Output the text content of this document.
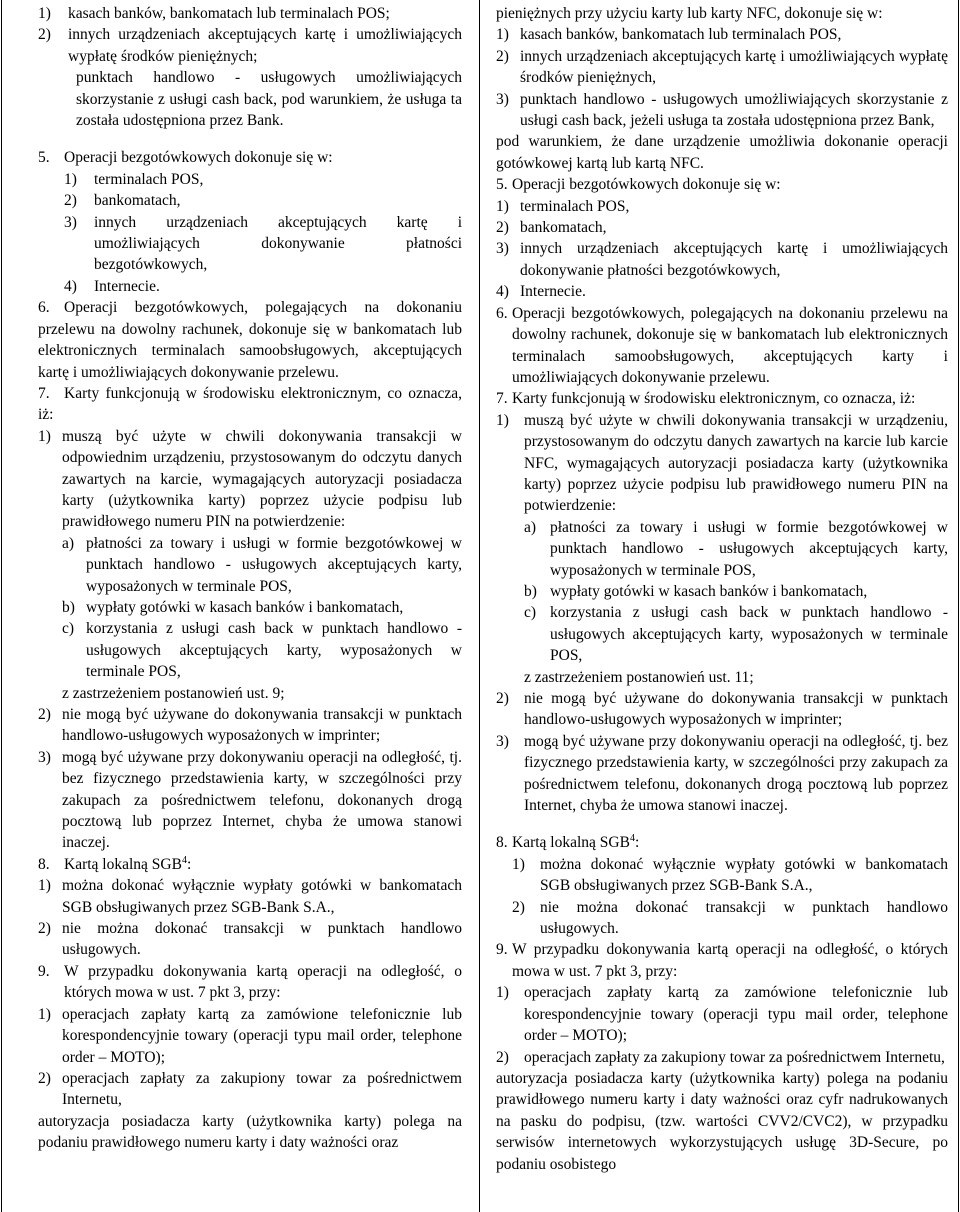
1) kasach banków, bankomatach lub terminalach POS;
2) innych urządzeniach akceptujących kartę i umożliwiających wypłatę środków pieniężnych;
punktach handlowo - usługowych umożliwiających skorzystanie z usługi cash back, pod warunkiem, że usługa ta została udostępniona przez Bank.
5. Operacji bezgotówkowych dokonuje się w:
1) terminalach POS,
2) bankomatach,
3) innych urządzeniach akceptujących kartę i umożliwiających dokonywanie płatności bezgotówkowych,
4) Internecie.
6. Operacji bezgotówkowych, polegających na dokonaniu przelewu na dowolny rachunek, dokonuje się w bankomatach lub elektronicznych terminalach samoobsługowych, akceptujących kartę i umożliwiających dokonywanie przelewu.
7. Karty funkcjonują w środowisku elektronicznym, co oznacza, iż:
1) muszą być użyte w chwili dokonywania transakcji w odpowiednim urządzeniu, przystosowanym do odczytu danych zawartych na karcie, wymagających autoryzacji posiadacza karty (użytkownika karty) poprzez użycie podpisu lub prawidłowego numeru PIN na potwierdzenie:
a) płatności za towary i usługi w formie bezgotówkowej w punktach handlowo - usługowych akceptujących karty, wyposażonych w terminale POS,
b) wypłaty gotówki w kasach banków i bankomatach,
c) korzystania z usługi cash back w punktach handlowo - usługowych akceptujących karty, wyposażonych w terminale POS,
z zastrzeżeniem postanowień ust. 9;
2) nie mogą być używane do dokonywania transakcji w punktach handlowo-usługowych wyposażonych w imprinter;
3) mogą być używane przy dokonywaniu operacji na odległość, tj. bez fizycznego przedstawienia karty, w szczególności przy zakupach za pośrednictwem telefonu, dokonanych drogą pocztową lub poprzez Internet, chyba że umowa stanowi inaczej.
8. Kartą lokalną SGB$^4$:
1) można dokonać wyłącznie wypłaty gotówki w bankomatach SGB obsługiwanych przez SGB-Bank S.A.,
2) nie można dokonać transakcji w punktach handlowo usługowych.
9. W przypadku dokonywania kartą operacji na odległość, o których mowa w ust. 7 pkt 3, przy:
1) operacjach zapłaty kartą za zamówione telefonicznie lub korespondencyjnie towary (operacji typu mail order, telephone order – MOTO);
2) operacjach zapłaty za zakupiony towar za pośrednictwem Internetu,
autoryzacja posiadacza karty (użytkownika karty) polega na podaniu prawidłowego numeru karty i daty ważności oraz
pieniężnych przy użyciu karty lub karty NFC, dokonuje się w:
1) kasach banków, bankomatach lub terminalach POS,
2) innych urządzeniach akceptujących kartę i umożliwiających wypłatę środków pieniężnych,
3) punktach handlowo - usługowych umożliwiających skorzystanie z usługi cash back, jeżeli usługa ta została udostępniona przez Bank,
pod warunkiem, że dane urządzenie umożliwia dokonanie operacji gotówkowej kartą lub kartą NFC.
5. Operacji bezgotówkowych dokonuje się w:
1) terminalach POS,
2) bankomatach,
3) innych urządzeniach akceptujących kartę i umożliwiających dokonywanie płatności bezgotówkowych,
4) Internecie.
6. Operacji bezgotówkowych, polegających na dokonaniu przelewu na dowolny rachunek, dokonuje się w bankomatach lub elektronicznych terminalach samoobsługowych, akceptujących karty i umożliwiających dokonywanie przelewu.
7. Karty funkcjonują w środowisku elektronicznym, co oznacza, iż:
1) muszą być użyte w chwili dokonywania transakcji w urządzeniu, przystosowanym do odczytu danych zawartych na karcie lub karcie NFC, wymagających autoryzacji posiadacza karty (użytkownika karty) poprzez użycie podpisu lub prawidłowego numeru PIN na potwierdzenie:
a) płatności za towary i usługi w formie bezgotówkowej w punktach handlowo - usługowych akceptujących karty, wyposażonych w terminale POS,
b) wypłaty gotówki w kasach banków i bankomatach,
c) korzystania z usługi cash back w punktach handlowo - usługowych akceptujących karty, wyposażonych w terminale POS,
z zastrzeżeniem postanowień ust. 11;
2) nie mogą być używane do dokonywania transakcji w punktach handlowo-usługowych wyposażonych w imprinter;
3) mogą być używane przy dokonywaniu operacji na odległość, tj. bez fizycznego przedstawienia karty, w szczególności przy zakupach za pośrednictwem telefonu, dokonanych drogą pocztową lub poprzez Internet, chyba że umowa stanowi inaczej.
8. Kartą lokalną SGB$^4$:
1) można dokonać wyłącznie wypłaty gotówki w bankomatach SGB obsługiwanych przez SGB-Bank S.A.,
2) nie można dokonać transakcji w punktach handlowo usługowych.
9. W przypadku dokonywania kartą operacji na odległość, o których mowa w ust. 7 pkt 3, przy:
1) operacjach zapłaty kartą za zamówione telefonicznie lub korespondencyjnie towary (operacji typu mail order, telephone order – MOTO);
2) operacjach zapłaty za zakupiony towar za pośrednictwem Internetu,
autoryzacja posiadacza karty (użytkownika karty) polega na podaniu prawidłowego numeru karty i daty ważności oraz cyfr nadrukowanych na pasku do podpisu, (tzw. wartości CVV2/CVC2), w przypadku serwisów internetowych wykorzystujących usługę 3D-Secure, po podaniu osobistego
